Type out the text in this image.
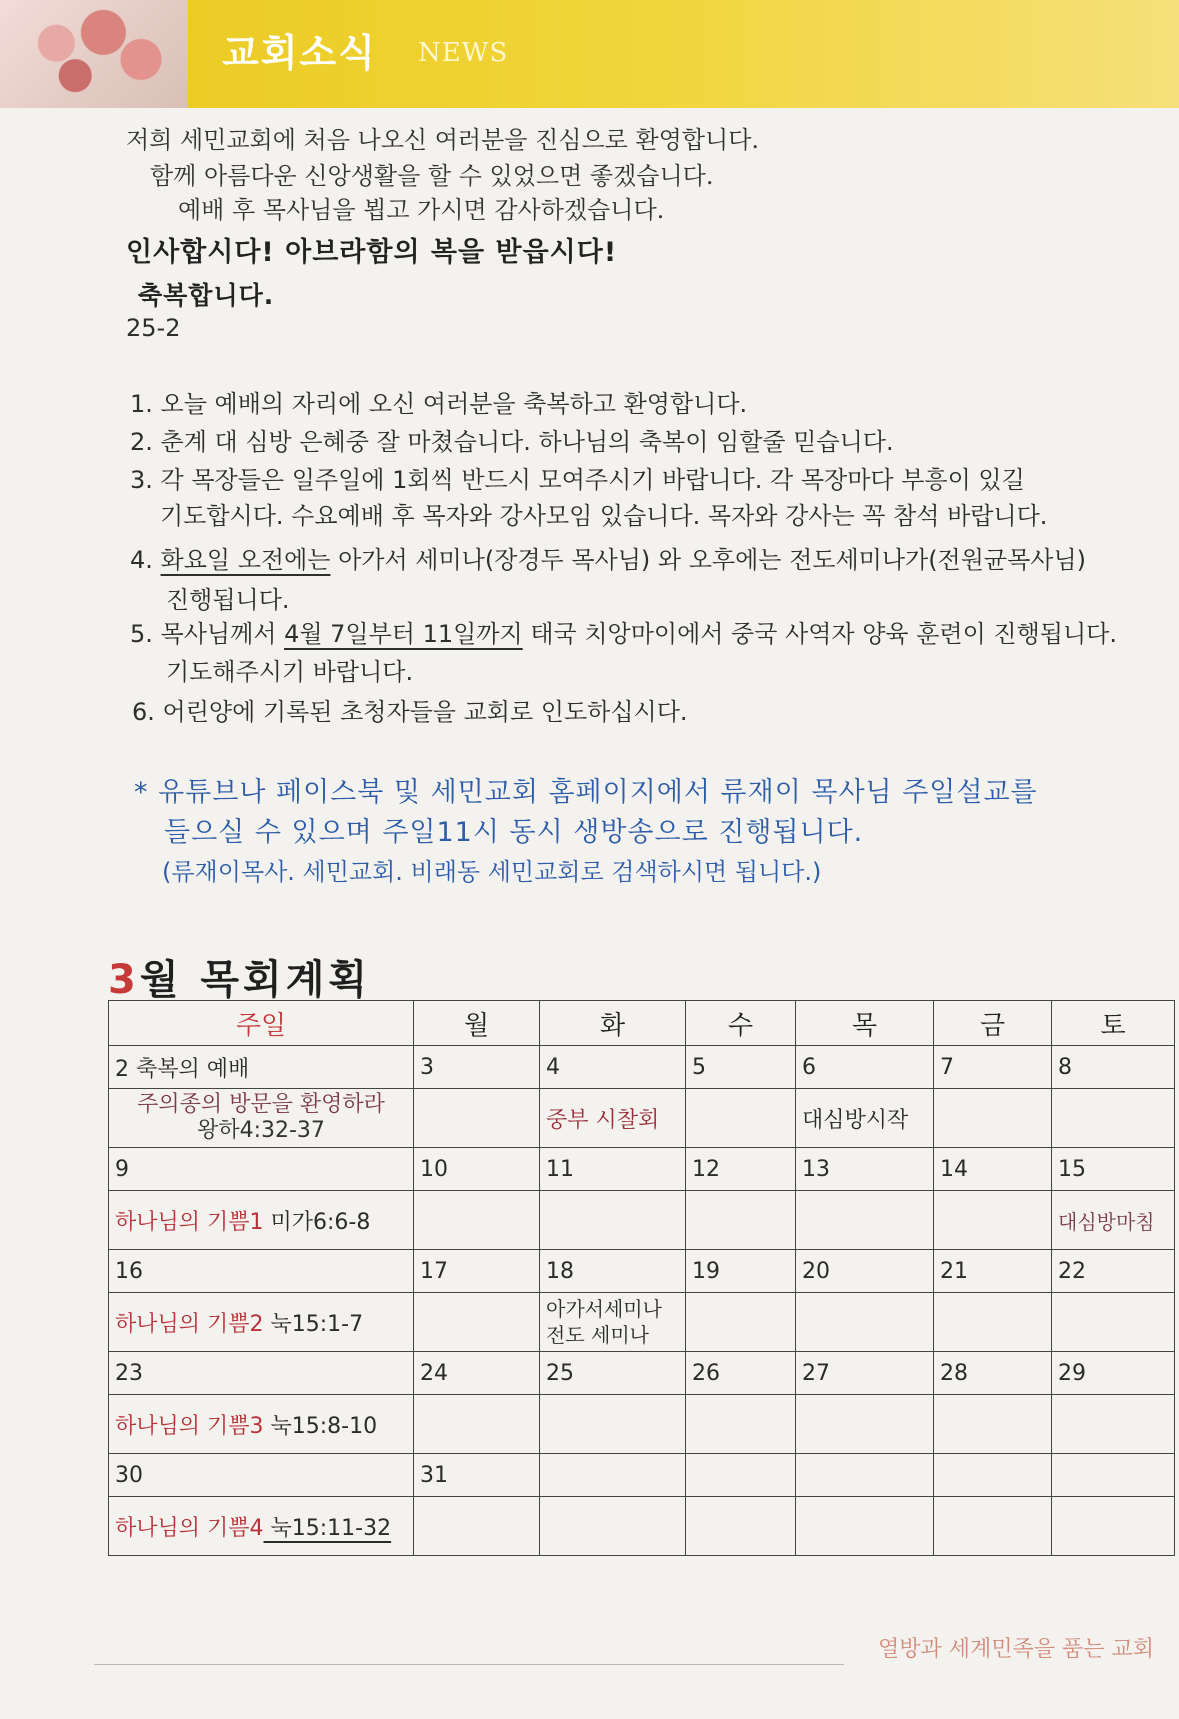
교회소식 NEWS
저희 세민교회에 처음 나오신 여러분을 진심으로 환영합니다.
함께 아름다운 신앙생활을 할 수 있었으면 좋겠습니다.
예배 후 목사님을 뵙고 가시면 감사하겠습니다.
인사합시다! 아브라함의 복을 받읍시다!
축복합니다.
25-2
1. 오늘 예배의 자리에 오신 여러분을 축복하고 환영합니다.
2. 춘계 대 심방 은혜중 잘 마쳤습니다. 하나님의 축복이 임할줄 믿습니다.
3. 각 목장들은 일주일에 1회씩 반드시 모여주시기 바랍니다. 각 목장마다 부흥이 있길
기도합시다. 수요예배 후 목자와 강사모임 있습니다. 목자와 강사는 꼭 참석 바랍니다.
4. 화요일 오전에는 아가서 세미나(장경두 목사님) 와 오후에는 전도세미나가(전원균목사님)
진행됩니다.
5. 목사님께서 4월 7일부터 11일까지 태국 치앙마이에서 중국 사역자 양육 훈련이 진행됩니다.
기도해주시기 바랍니다.
6. 어린양에 기록된 초청자들을 교회로 인도하십시다.
* 유튜브나 페이스북 및 세민교회 홈페이지에서 류재이 목사님 주일설교를
들으실 수 있으며 주일11시 동시 생방송으로 진행됩니다.
(류재이목사. 세민교회. 비래동 세민교회로 검색하시면 됩니다.)
3월 목회계획
주일	월	화	수	목	금	토
2 축복의 예배	3	4	5	6	7	8

주의종의 방문을 환영하라
왕하4:32-37		중부 시찰회		대심방시작		
9	10	11	12	13	14	15
하나님의 기쁨1 미가6:6-8						대심방마침
16	17	18	19	20	21	22
하나님의 기쁨2 눅15:1-7		아가서세미나
전도 세미나				

23	24	25	26	27	28	29
하나님의 기쁨3 눅15:8-10						
30	31					
하나님의 기쁨4 눅15:11-32						
열방과 세계민족을 품는 교회
